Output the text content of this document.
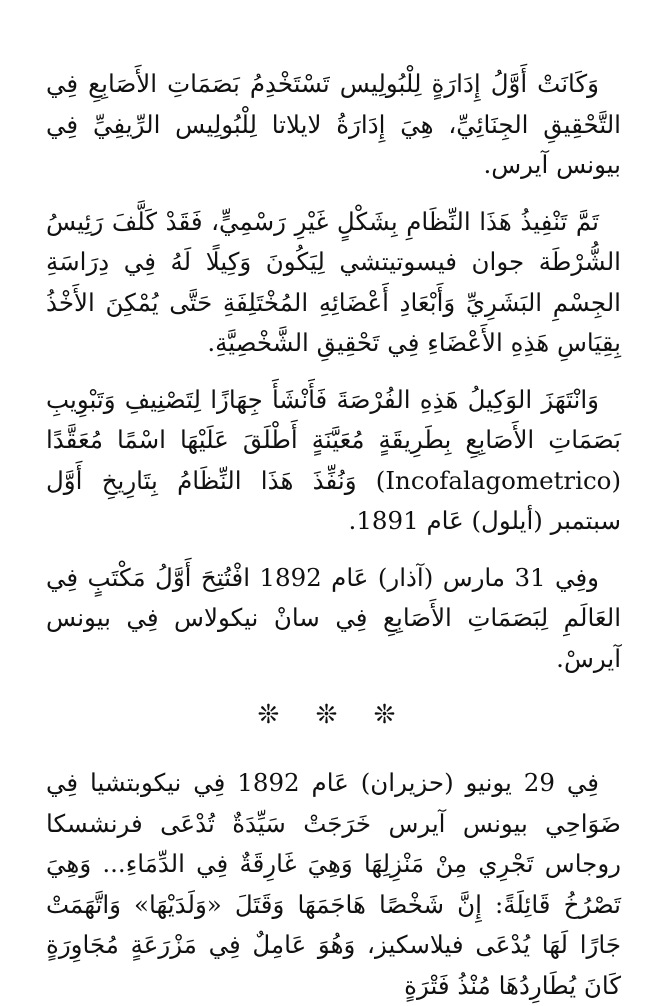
وَكَانَتْ أَوَّلُ إِدَارَةٍ لِلْبُولِيس تَسْتَخْدِمُ بَصَمَاتِ الأَصَابِعِ فِي التَّحْقِيقِ الجِنَائِيِّ، هِيَ إِدَارَةُ لايلاتا لِلْبُولِيس الرِّيفِيِّ فِي بيونس آيرس.

تَمَّ تَنْفِيذُ هَذَا النِّظَامِ بِشَكْلٍ غَيْرِ رَسْمِيٍّ، فَقَدْ كَلَّفَ رَئِيسُ الشُّرْطَة جوان فيسوتيتشي لِيَكُونَ وَكِيلًا لَهُ فِي دِرَاسَةِ الجِسْمِ البَشَرِيِّ وَأَبْعَادِ أَعْضَائِهِ المُخْتَلِفَةِ حَتَّى يُمْكِنَ الأَخْذُ بِقِيَاسِ هَذِهِ الأَعْضَاءِ فِي تَحْقِيقِ الشَّخْصِيَّةِ.

وَانْتَهَزَ الوَكِيلُ هَذِهِ الفُرْصَةَ فَأَنْشَأَ جِهَازًا لِتَصْنِيفِ وَتَبْوِيبِ بَصَمَاتِ الأَصَابِعِ بِطَرِيقَةٍ مُعَيَّنَةٍ أَطْلَقَ عَلَيْهَا اسْمًا مُعَقَّدًا (Incofalagometrico) وَنُفِّذَ هَذَا النِّظَامُ بِتَارِيخِ أَوَّل سبتمبر (أيلول) عَام 1891.

وفِي 31 مارس (آذار) عَام 1892 افْتُتِحَ أَوَّلُ مَكْتَبٍ فِي العَالَمِ لِبَصَمَاتِ الأَصَابِعِ فِي سانْ نيكولاس فِي بيونس آيرسْ.

❊ ❊ ❊

فِي 29 يونيو (حزيران) عَام 1892 فِي نيكوبتشيا فِي ضَوَاحِي بيونس آيرس خَرَجَتْ سَيِّدَةٌ تُدْعَى فرنشسكا روجاس تَجْرِي مِنْ مَنْزِلِهَا وَهِيَ غَارِقَةٌ فِي الدِّمَاءِ... وَهِيَ تَصْرُخُ قَائِلَةً: إِنَّ شَخْصًا هَاجَمَهَا وَقَتَلَ «وَلَدَيْهَا» وَاتَّهَمَتْ جَارًا لَهَا يُدْعَى فيلاسكيز، وَهُوَ عَامِلٌ فِي مَزْرَعَةٍ مُجَاوِرَةٍ كَانَ يُطَارِدُهَا مُنْذُ فَتْرَةٍ
